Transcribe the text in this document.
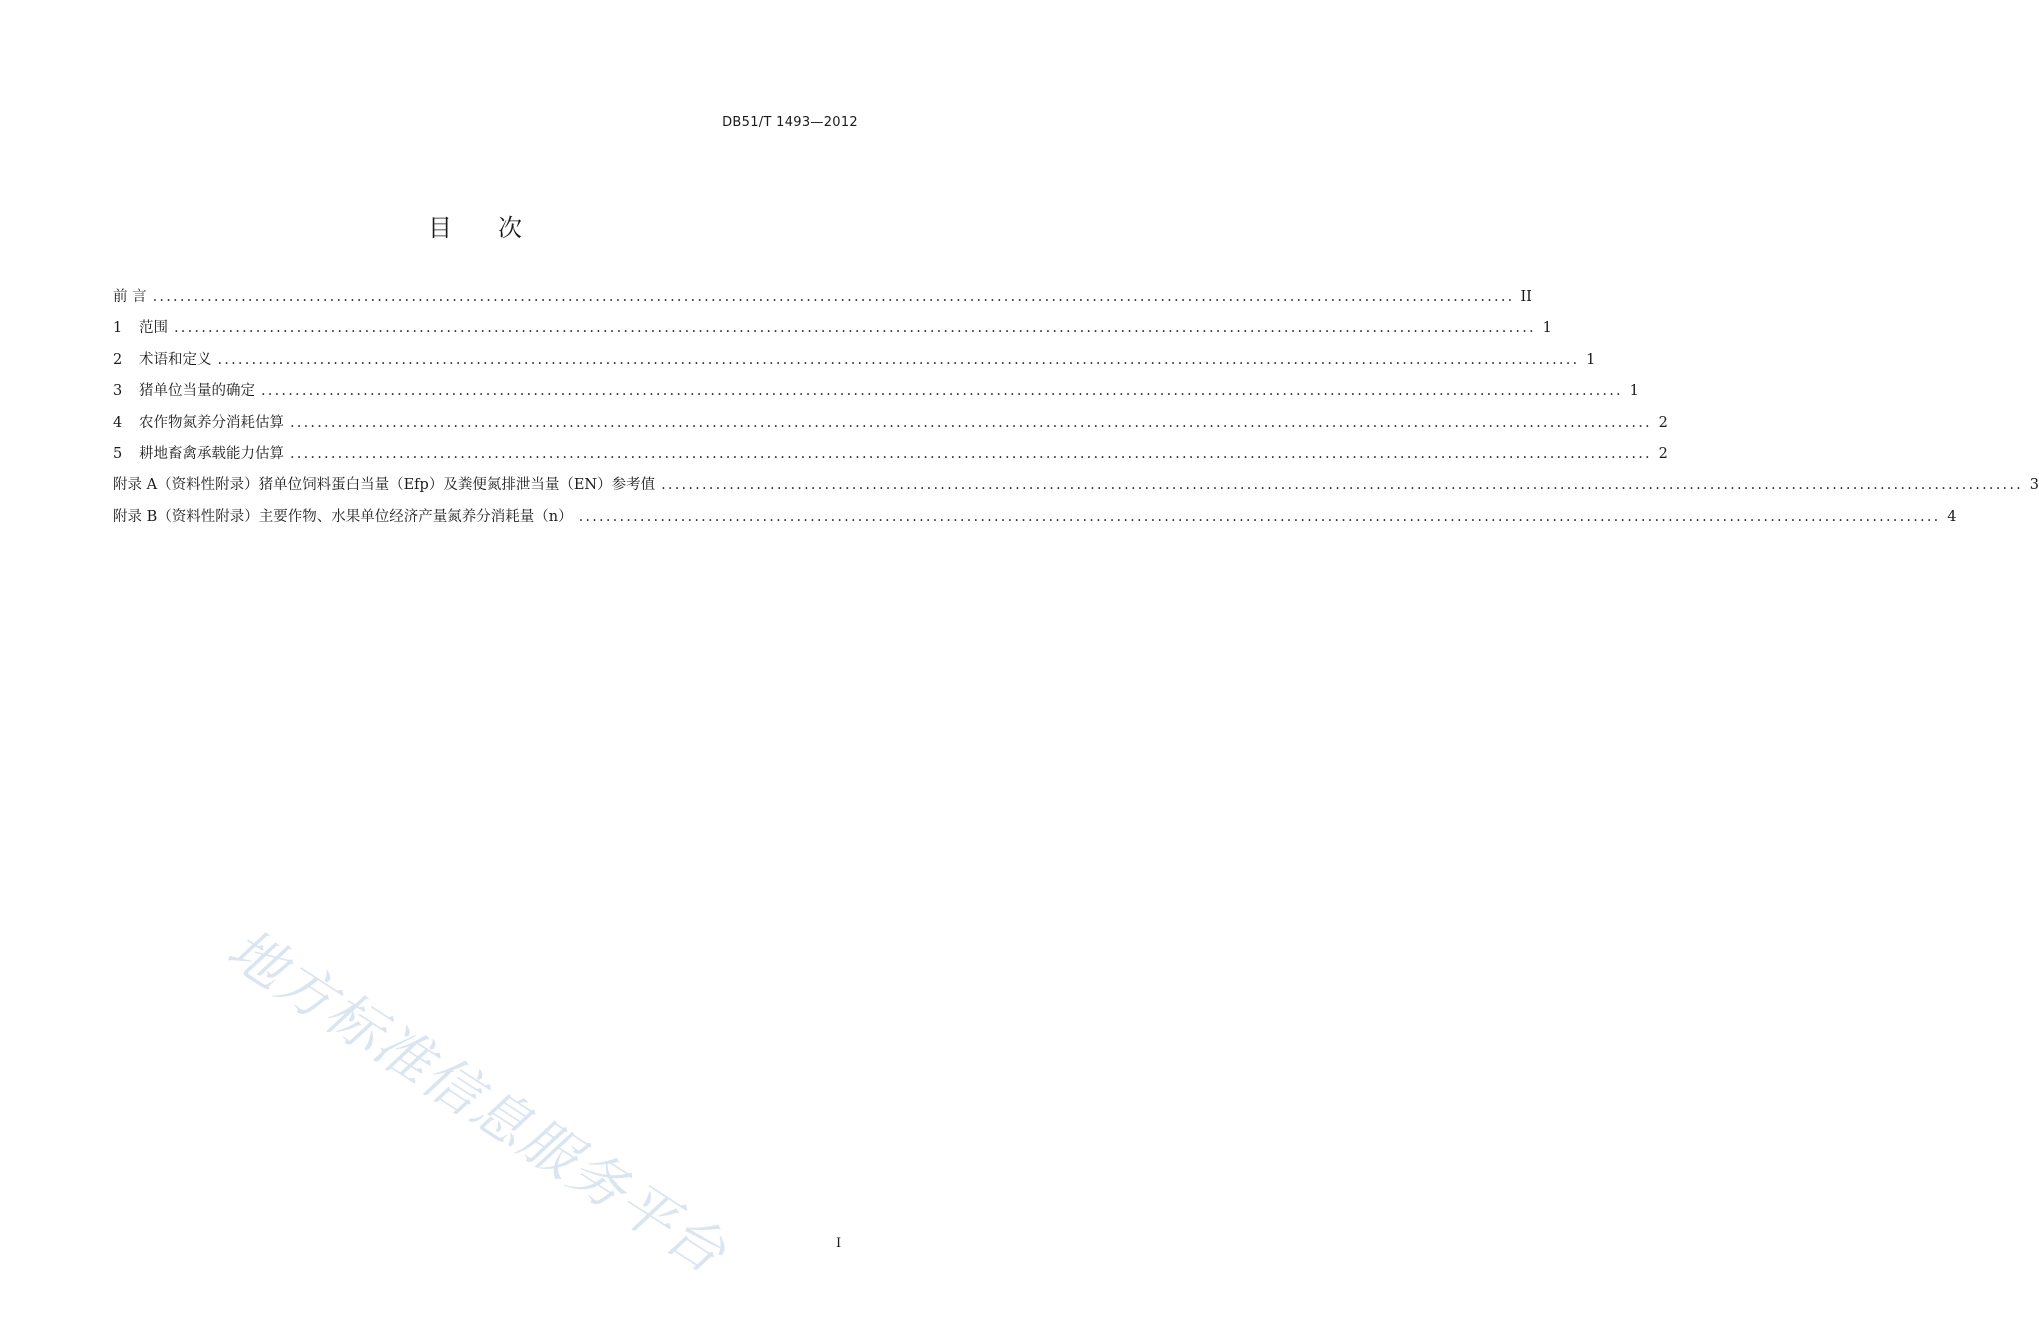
DB51/T 1493—2012
目 次
前 言 ........................................................................................................................................................................................................ II
1	范围 ........................................................................................................................................................................................................ 1
2	术语和定义 ........................................................................................................................................................................................................ 1
3	猪单位当量的确定 ........................................................................................................................................................................................................ 1
4	农作物氮养分消耗估算 ........................................................................................................................................................................................................ 2
5	耕地畜禽承载能力估算 ........................................................................................................................................................................................................ 2
附录 A（资料性附录） 猪单位饲料蛋白当量（Efp）及粪便氮排泄当量（EN）参考值 ........................................................................................................................................................................................................ 3
附录 B（资料性附录） 主要作物、水果单位经济产量氮养分消耗量（n） ........................................................................................................................................................................................................ 4
地方标准信息服务平台	I
